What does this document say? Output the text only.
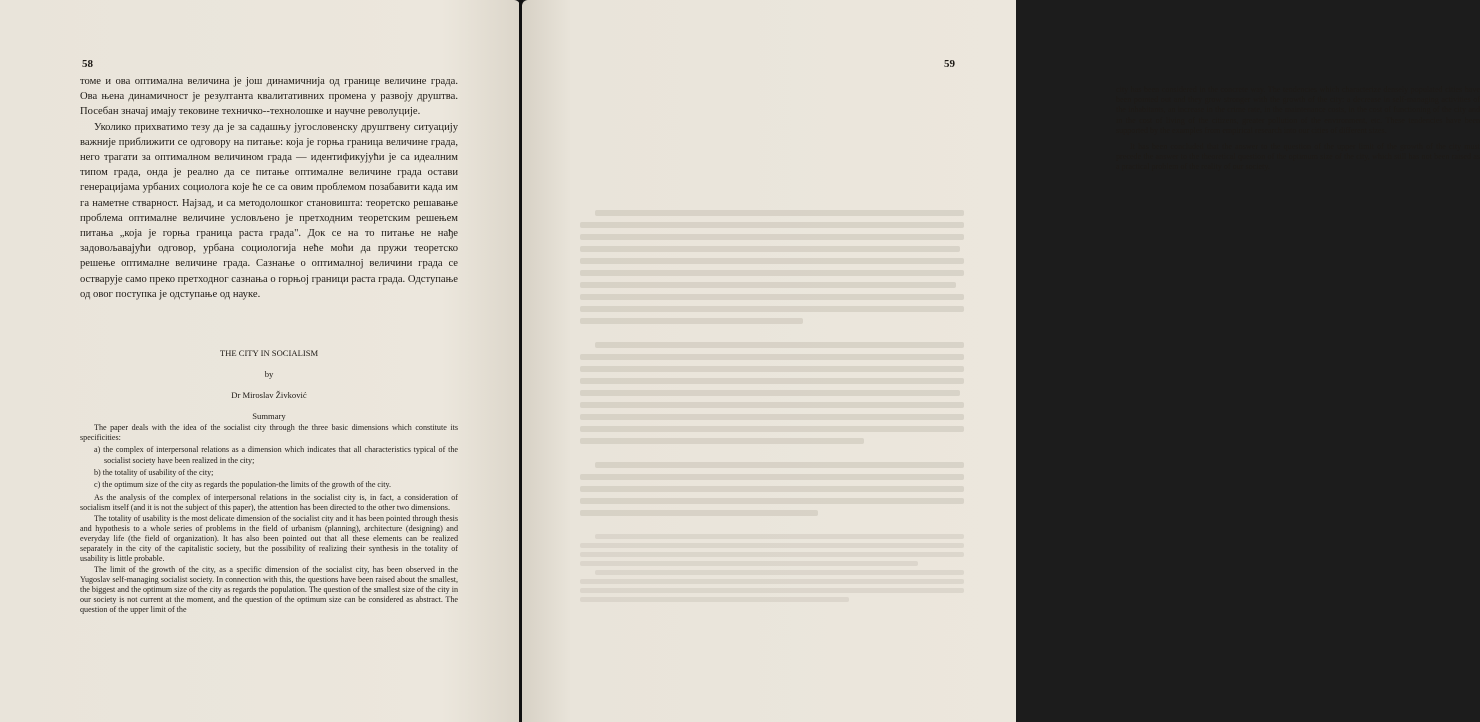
58

томе и ова оптимална величина је још динамичнија од границе величине града. Ова њена динамичност је резултанта квалитативних промена у развоју друштва. Посебан значај имају тековине техничко--технолошке и научне револуције.

Уколико прихватимо тезу да је за садашњу југословенску друштвену ситуацију важније приближити се одговору на питање: која је горња граница величине града, него трагати за оптималном величином града — идентификујући је са идеалним типом града, онда је реално да се питање оптималне величине града остави генерацијама урбаних социолога које ће се са овим проблемом позабавити када им га наметне стварност. Најзад, и са методолошког становишта: теоретско решавање проблема оптималне величине условљено је претходним теоретским решењем питања „која је горња граница раста града". Док се на то питање не нађе задовољавајући одговор, урбана социологија неће моћи да пружи теоретско решење оптималне величине града. Сазнање о оптималној величини града се остварује само преко претходног сазнања о горњој граници раста града. Одступање од овог поступка је одступање од науке.

THE CITY IN SOCIALISM
by
Dr Miroslav Živković
Summary

The paper deals with the idea of the socialist city through the three basic dimensions which constitute its specificities:

a) the complex of interpersonal relations as a dimension which indicates that all characteristics typical of the socialist society have been realized in the city;
b) the totality of usability of the city;
c) the optimum size of the city as regards the population-the limits of the growth of the city.

As the analysis of the complex of interpersonal relations in the socialist city is, in fact, a consideration of socialism itself (and it is not the subject of this paper), the attention has been directed to the other two dimensions.

The totality of usability is the most delicate dimension of the socialist city and it has been pointed through thesis and hypothesis to a whole series of problems in the field of urbanism (planning), architecture (designing) and everyday life (the field of organization). It has also been pointed out that all these elements can be realized separately in the city of the capitalistic society, but the possibility of realizing their synthesis in the totality of usability is little probable.

The limit of the growth of the city, as a specific dimension of the socialist city, has been observed in the Yugoslav self-managing socialist society. In connection with this, the questions have been raised about the smallest, the biggest and the optimum size of the city as regards the population. The question of the smallest size of the city in our society is not current at the moment, and the question of the optimum size can be considered as abstract. The question of the upper limit of the

59

city has been considered in the concrete way. The tendencies which characterize densely populated cities have been pointed out and they grow stronger with the growth of the city: a decrease in self-managing activities of the inhabitants, an increase in the crime rate, in the maintenance costs, in the cost of functioning of the city and in the cost of living of the citizens, greater pollution of the environment, etc. These tendencies have been supported by the examples from empirical research into our cities of different sizes.

It has been concluded that the answer to the question of the upper limit of the growth of the city must precede the answer to the theoretical question of the optimum size of the city, which still has not been raised as a practical problem of the reality of our society.
